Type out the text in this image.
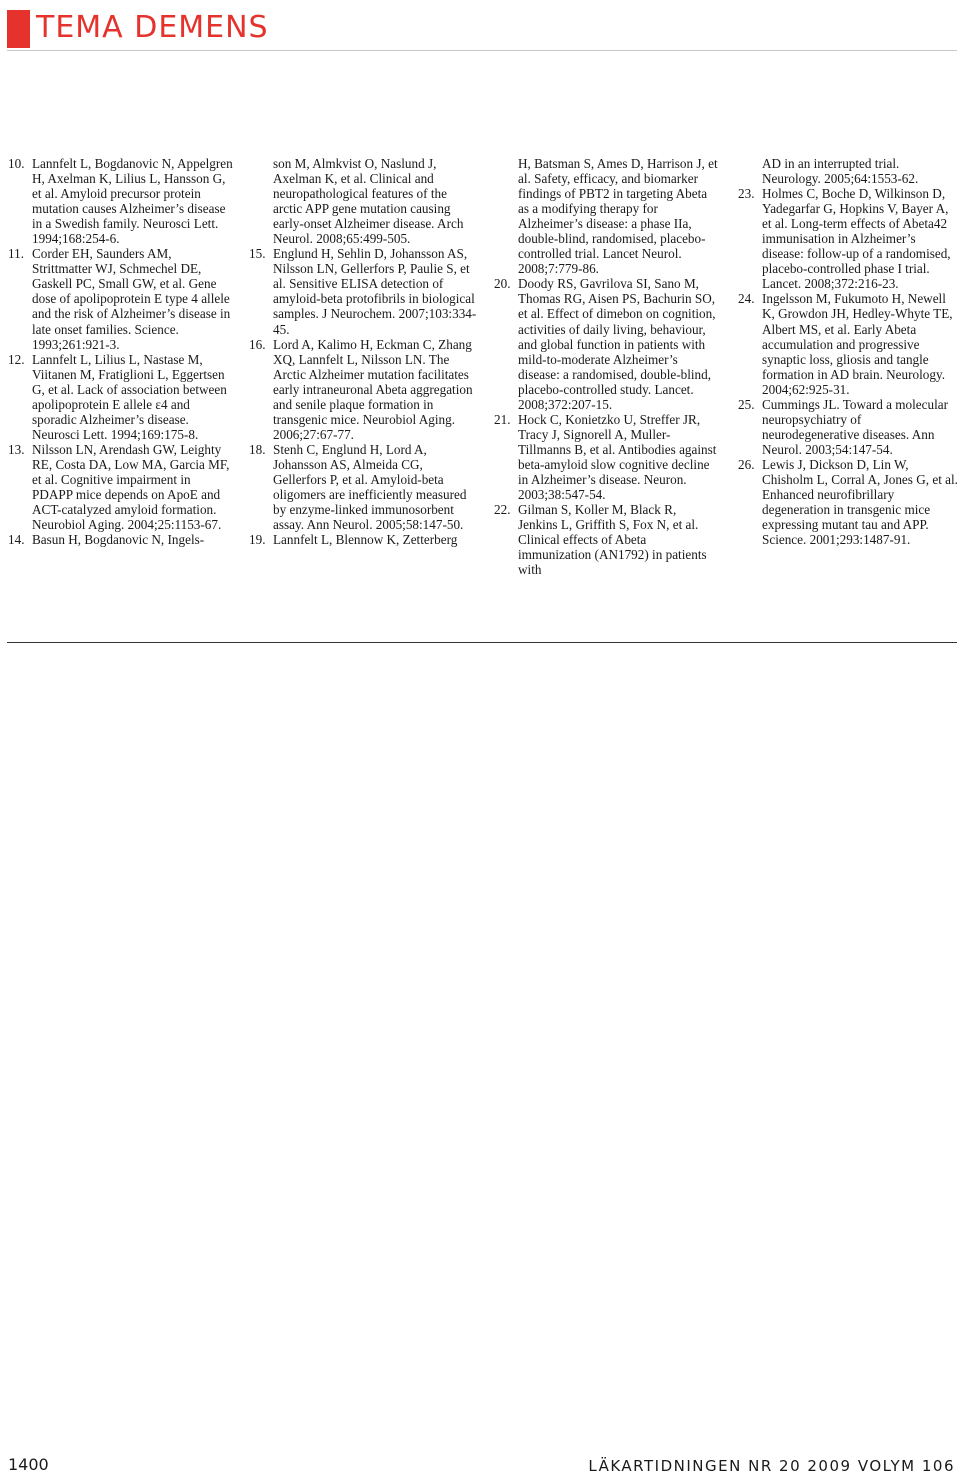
TEMA DEMENS
10. Lannfelt L, Bogdanovic N, Appelgren H, Axelman K, Lilius L, Hansson G, et al. Amyloid precursor protein mutation causes Alzheimer’s disease in a Swedish family. Neurosci Lett. 1994;168:254-6.
11. Corder EH, Saunders AM, Strittmatter WJ, Schmechel DE, Gaskell PC, Small GW, et al. Gene dose of apolipoprotein E type 4 allele and the risk of Alzheimer’s disease in late onset families. Science. 1993;261:921-3.
12. Lannfelt L, Lilius L, Nastase M, Viitanen M, Fratiglioni L, Eggertsen G, et al. Lack of association between apolipoprotein E allele ε4 and sporadic Alzheimer’s disease. Neurosci Lett. 1994;169:175-8.
13. Nilsson LN, Arendash GW, Leighty RE, Costa DA, Low MA, Garcia MF, et al. Cognitive impairment in PDAPP mice depends on ApoE and ACT-catalyzed amyloid formation. Neurobiol Aging. 2004;25:1153-67.
14. Basun H, Bogdanovic N, Ingels-
son M, Almkvist O, Naslund J, Axelman K, et al. Clinical and neuropathological features of the arctic APP gene mutation causing early-onset Alzheimer disease. Arch Neurol. 2008;65:499-505.
15. Englund H, Sehlin D, Johansson AS, Nilsson LN, Gellerfors P, Paulie S, et al. Sensitive ELISA detection of amyloid-beta protofibrils in biological samples. J Neurochem. 2007;103:334-45.
16. Lord A, Kalimo H, Eckman C, Zhang XQ, Lannfelt L, Nilsson LN. The Arctic Alzheimer mutation facilitates early intraneuronal Abeta aggregation and senile plaque formation in transgenic mice. Neurobiol Aging. 2006;27:67-77.
18. Stenh C, Englund H, Lord A, Johansson AS, Almeida CG, Gellerfors P, et al. Amyloid-beta oligomers are inefficiently measured by enzyme-linked immunosorbent assay. Ann Neurol. 2005;58:147-50.
19. Lannfelt L, Blennow K, Zetterberg
H, Batsman S, Ames D, Harrison J, et al. Safety, efficacy, and biomarker findings of PBT2 in targeting Abeta as a modifying therapy for Alzheimer’s disease: a phase IIa, double-blind, randomised, placebo-controlled trial. Lancet Neurol. 2008;7:779-86.
20. Doody RS, Gavrilova SI, Sano M, Thomas RG, Aisen PS, Bachurin SO, et al. Effect of dimebon on cognition, activities of daily living, behaviour, and global function in patients with mild-to-moderate Alzheimer’s disease: a randomised, double-blind, placebo-controlled study. Lancet. 2008;372:207-15.
21. Hock C, Konietzko U, Streffer JR, Tracy J, Signorell A, Muller-Tillmanns B, et al. Antibodies against beta-amyloid slow cognitive decline in Alzheimer’s disease. Neuron. 2003;38:547-54.
22. Gilman S, Koller M, Black R, Jenkins L, Griffith S, Fox N, et al. Clinical effects of Abeta immunization (AN1792) in patients with
AD in an interrupted trial. Neurology. 2005;64:1553-62.
23. Holmes C, Boche D, Wilkinson D, Yadegarfar G, Hopkins V, Bayer A, et al. Long-term effects of Abeta42 immunisation in Alzheimer’s disease: follow-up of a randomised, placebo-controlled phase I trial. Lancet. 2008;372:216-23.
24. Ingelsson M, Fukumoto H, Newell K, Growdon JH, Hedley-Whyte TE, Albert MS, et al. Early Abeta accumulation and progressive synaptic loss, gliosis and tangle formation in AD brain. Neurology. 2004;62:925-31.
25. Cummings JL. Toward a molecular neuropsychiatry of neurodegenerative diseases. Ann Neurol. 2003;54:147-54.
26. Lewis J, Dickson D, Lin W, Chisholm L, Corral A, Jones G, et al. Enhanced neurofibrillary degeneration in transgenic mice expressing mutant tau and APP. Science. 2001;293:1487-91.
1400	LÄKARTIDNINGEN NR 20 2009 VOLYM 106
